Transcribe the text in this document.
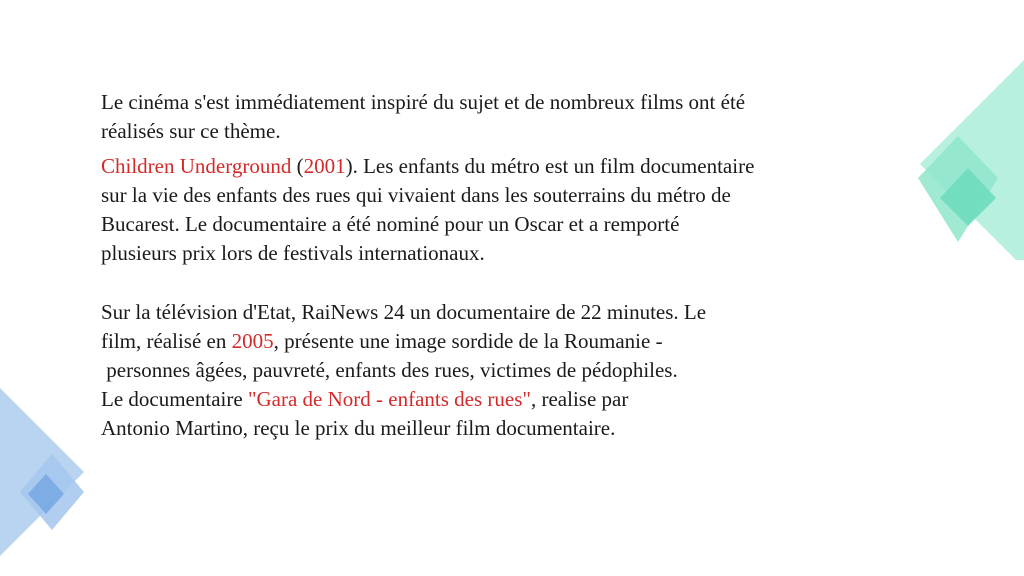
Le cinéma s'est immédiatement inspiré du sujet et de nombreux films ont été
réalisés sur ce thème.

Children Underground (2001). Les enfants du métro est un film documentaire
sur la vie des enfants des rues qui vivaient dans les souterrains du métro de
Bucarest. Le documentaire a été nominé pour un Oscar et a remporté
plusieurs prix lors de festivals internationaux.

Sur la télévision d'Etat, RaiNews 24 un documentaire de 22 minutes. Le
film, réalisé en 2005, présente une image sordide de la Roumanie -
personnes âgées, pauvreté, enfants des rues, victimes de pédophiles.
Le documentaire "Gara de Nord - enfants des rues", realise par
Antonio Martino, reçu le prix du meilleur film documentaire.
